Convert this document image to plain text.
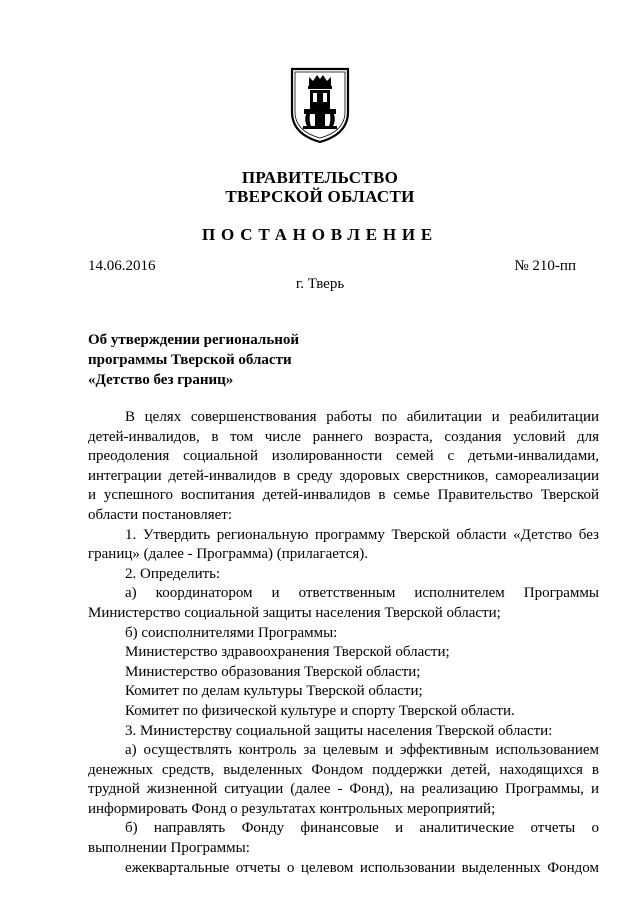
ПРАВИТЕЛЬСТВО
ТВЕРСКОЙ ОБЛАСТИ
ПОСТАНОВЛЕНИЕ
14.06.2016	№ 210-пп
г. Тверь
Об утверждении региональной
программы Тверской области
«Детство без границ»

В целях совершенствования работы по абилитации и реабилитации

детей-инвалидов, в том числе раннего возраста, создания условий для

преодоления социальной изолированности семей с детьми-инвалидами,

интеграции детей-инвалидов в среду здоровых сверстников, самореализации

и успешного воспитания детей-инвалидов в семье Правительство Тверской

области постановляет:

1. Утвердить региональную программу Тверской области «Детство без

границ» (далее - Программа) (прилагается).

2. Определить:

а) координатором и ответственным исполнителем Программы

Министерство социальной защиты населения Тверской области;

б) соисполнителями Программы:

Министерство здравоохранения Тверской области;

Министерство образования Тверской области;

Комитет по делам культуры Тверской области;

Комитет по физической культуре и спорту Тверской области.

3. Министерству социальной защиты населения Тверской области:

а) осуществлять контроль за целевым и эффективным использованием

денежных средств, выделенных Фондом поддержки детей, находящихся в

трудной жизненной ситуации (далее - Фонд), на реализацию Программы, и

информировать Фонд о результатах контрольных мероприятий;

б) направлять Фонду финансовые и аналитические отчеты о

выполнении Программы:

ежеквартальные отчеты о целевом использовании выделенных Фондом
